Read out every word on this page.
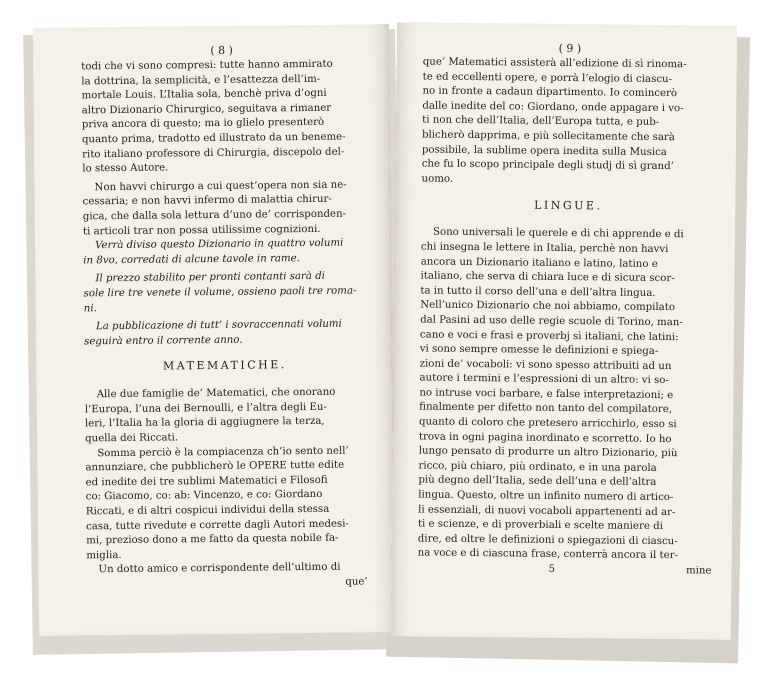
( 8 )
todi che vi sono compresi: tutte hanno ammirato
la dottrina, la semplicità, e l’esattezza dell’im-
mortale Louis. L’Italia sola, benchè priva d’ogni
altro Dizionario Chirurgico, seguitava a rimaner
priva ancora di questo; ma io glielo presenterò
quanto prima, tradotto ed illustrato da un beneme-
rito italiano professore di Chirurgia, discepolo del-
lo stesso Autore.
Non havvi chirurgo a cui quest’opera non sia ne-
cessaria; e non havvi infermo di malattia chirur-
gica, che dalla sola lettura d’uno de’ corrisponden-
ti articoli trar non possa utilissime cognizioni.
Verrà diviso questo Dizionario in quattro volumi
in 8vo, corredati di alcune tavole in rame.
Il prezzo stabilito per pronti contanti sarà di
sole lire tre venete il volume, ossieno paoli tre roma-
ni.
La pubblicazione di tutt’ i sovraccennati volumi
seguirà entro il corrente anno.
MATEMATICHE.
Alle due famiglie de’ Matematici, che onorano
l’Europa, l’una dei Bernoulli, e l’altra degli Eu-
leri, l’Italia ha la gloria di aggiugnere la terza,
quella dei Riccati.
Somma perciò è la compiacenza ch’io sento nell’
annunziare, che pubblicherò le OPERE tutte edite
ed inedite dei tre sublimi Matematici e Filosofi
co: Giacomo, co: ab: Vincenzo, e co: Giordano
Riccati, e di altri cospicui individui della stessa
casa, tutte rivedute e corrette dagli Autori medesi-
mi, prezioso dono a me fatto da questa nobile fa-
miglia.
Un dotto amico e corrispondente dell’ultimo di
que’
( 9 )
que’ Matematici assisterà all’edizione di sì rinoma-
te ed eccellenti opere, e porrà l’elogio di ciascu-
no in fronte a cadaun dipartimento. Io comincerò
dalle inedite del co: Giordano, onde appagare i vo-
ti non che dell’Italia, dell’Europa tutta, e pub-
blicherò dapprima, e più sollecitamente che sarà
possibile, la sublime opera inedita sulla Musica
che fu lo scopo principale degli studj di sì grand’
uomo.
LINGUE.
Sono universali le querele e di chi apprende e di
chi insegna le lettere in Italia, perchè non havvi
ancora un Dizionario italiano e latino, latino e
italiano, che serva di chiara luce e di sicura scor-
ta in tutto il corso dell’una e dell’altra lingua.
Nell’unico Dizionario che noi abbiamo, compilato
dal Pasini ad uso delle regie scuole di Torino, man-
cano e voci e frasi e proverbj sì italiani, che latini:
vi sono sempre omesse le definizioni e spiega-
zioni de’ vocaboli: vi sono spesso attribuiti ad un
autore i termini e l’espressioni di un altro: vi so-
no intruse voci barbare, e false interpretazioni; e
finalmente per difetto non tanto del compilatore,
quanto di coloro che pretesero arricchirlo, esso si
trova in ogni pagina inordinato e scorretto. Io ho
lungo pensato di produrre un altro Dizionario, più
ricco, più chiaro, più ordinato, e in una parola
più degno dell’Italia, sede dell’una e dell’altra
lingua. Questo, oltre un infinito numero di artico-
li essenziali, di nuovi vocaboli appartenenti ad ar-
ti e scienze, e di proverbiali e scelte maniere di
dire, ed oltre le definizioni o spiegazioni di ciascu-
na voce e di ciascuna frase, conterrà ancora il ter-
5	mine
